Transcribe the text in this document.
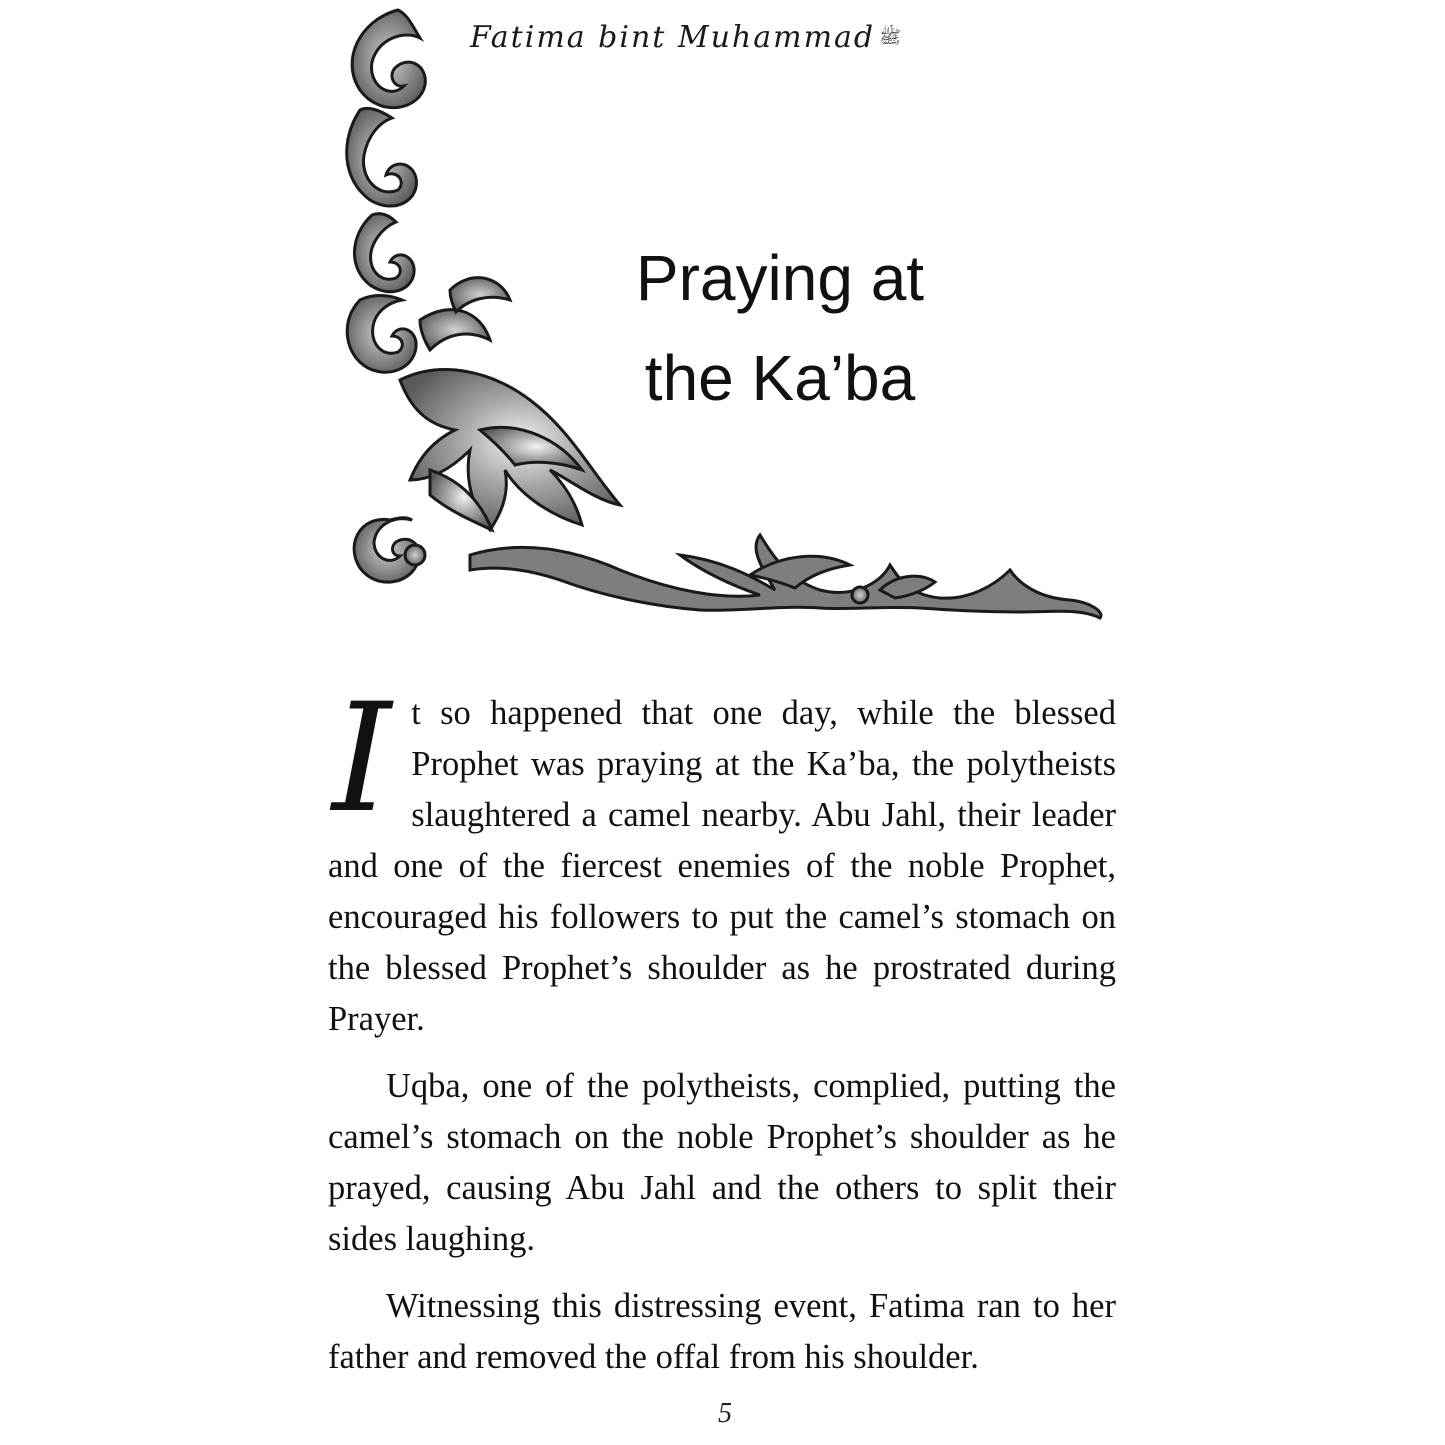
Fatima bint Muhammad ﷺ
Praying at
the Ka’ba

It so happened that one day, while the blessed Prophet was praying at the Ka’ba, the polytheists slaughtered a camel nearby. Abu Jahl, their leader and one of the fiercest enemies of the noble Prophet, encouraged his followers to put the camel’s stomach on the blessed Prophet’s shoulder as he prostrated during Prayer.

Uqba, one of the polytheists, complied, putting the camel’s stomach on the noble Prophet’s shoulder as he prayed, causing Abu Jahl and the others to split their sides laughing.

Witnessing this distressing event, Fatima ran to her father and removed the offal from his shoulder.

5
